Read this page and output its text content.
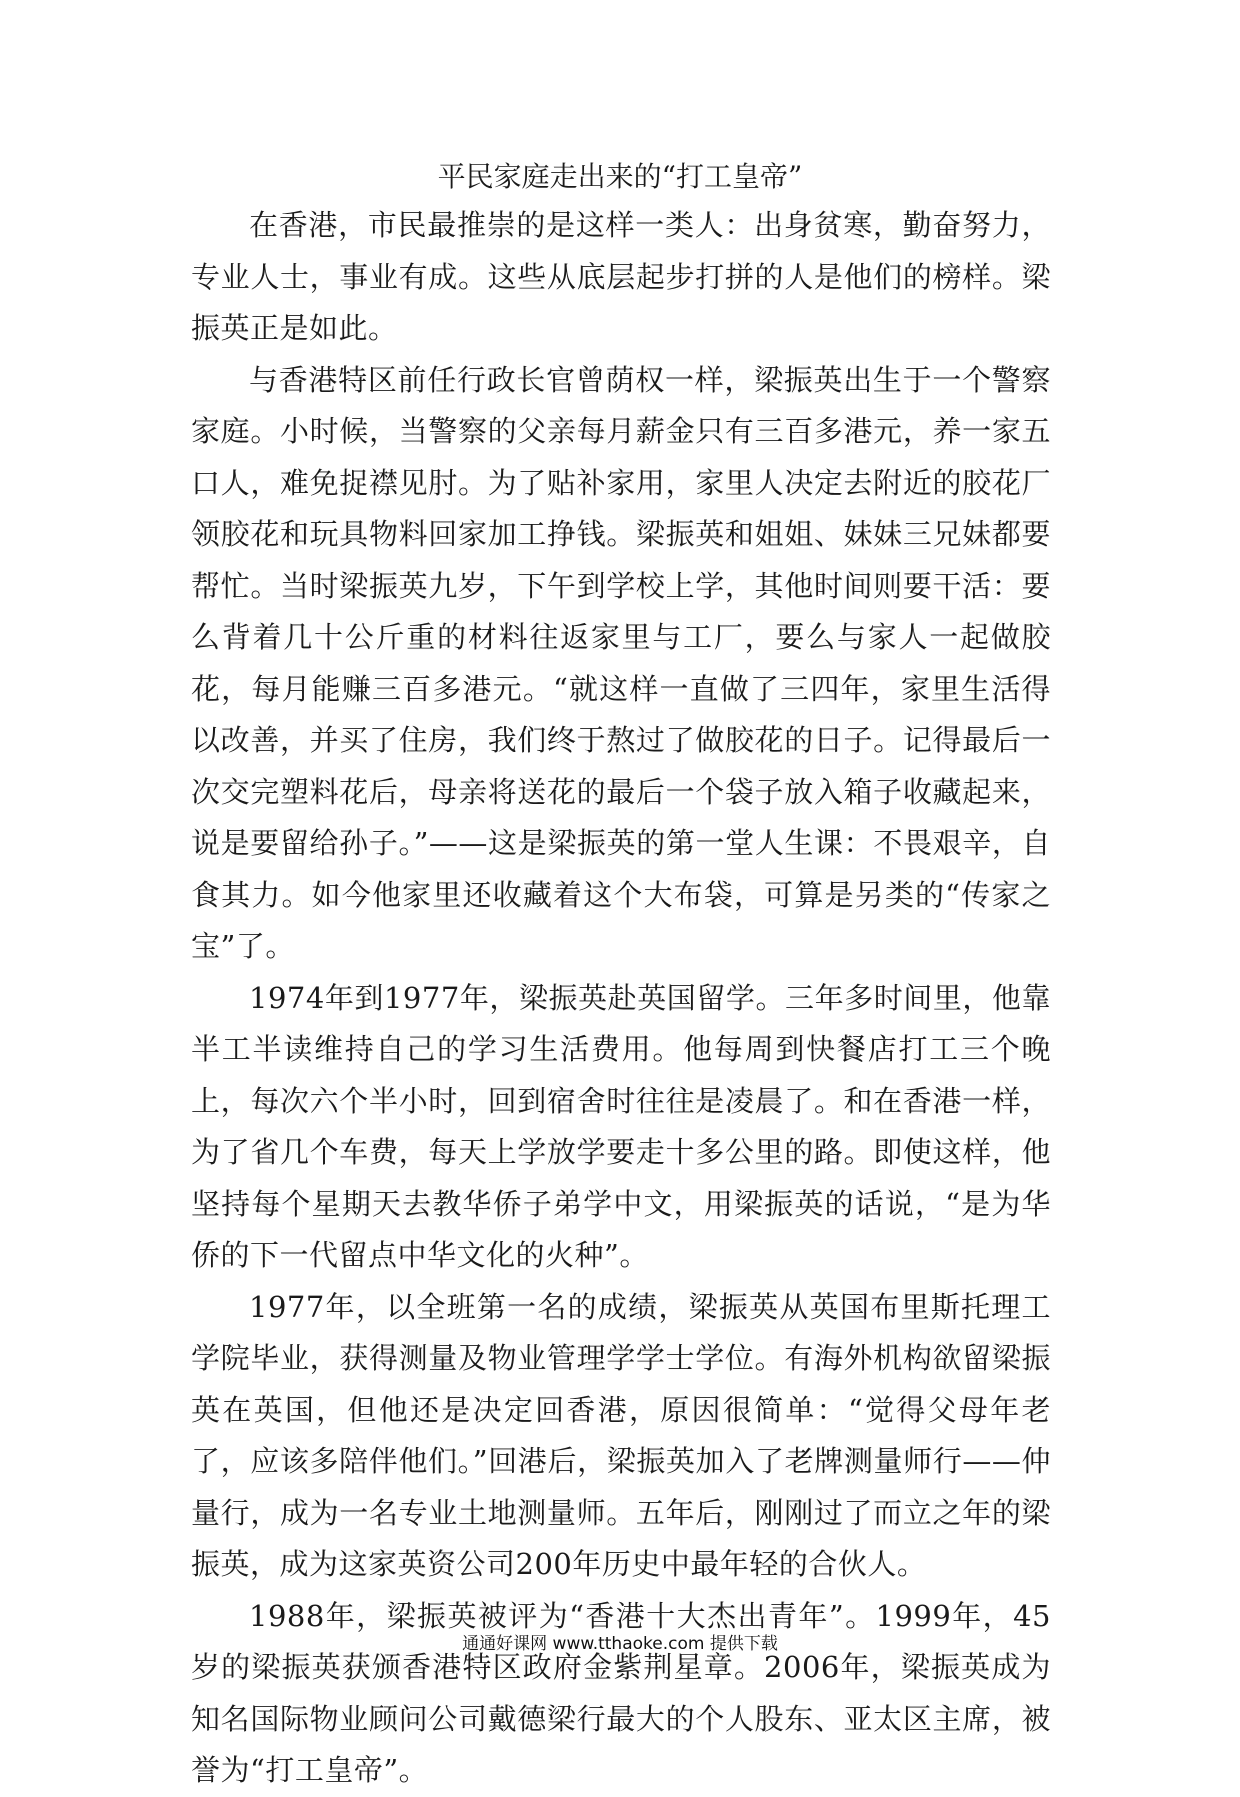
平民家庭走出来的“打工皇帝”

在香港，市民最推崇的是这样一类人：出身贫寒，勤奋努力，专业人士，事业有成。这些从底层起步打拼的人是他们的榜样。梁振英正是如此。

与香港特区前任行政长官曾荫权一样，梁振英出生于一个警察家庭。小时候，当警察的父亲每月薪金只有三百多港元，养一家五口人，难免捉襟见肘。为了贴补家用，家里人决定去附近的胶花厂领胶花和玩具物料回家加工挣钱。梁振英和姐姐、妹妹三兄妹都要帮忙。当时梁振英九岁，下午到学校上学，其他时间则要干活：要么背着几十公斤重的材料往返家里与工厂，要么与家人一起做胶花，每月能赚三百多港元。“就这样一直做了三四年，家里生活得以改善，并买了住房，我们终于熬过了做胶花的日子。记得最后一次交完塑料花后，母亲将送花的最后一个袋子放入箱子收藏起来，说是要留给孙子。”——这是梁振英的第一堂人生课：不畏艰辛，自食其力。如今他家里还收藏着这个大布袋，可算是另类的“传家之宝”了。

1974年到1977年，梁振英赴英国留学。三年多时间里，他靠半工半读维持自己的学习生活费用。他每周到快餐店打工三个晚上，每次六个半小时，回到宿舍时往往是凌晨了。和在香港一样，为了省几个车费，每天上学放学要走十多公里的路。即使这样，他坚持每个星期天去教华侨子弟学中文，用梁振英的话说，“是为华侨的下一代留点中华文化的火种”。

1977年，以全班第一名的成绩，梁振英从英国布里斯托理工学院毕业，获得测量及物业管理学学士学位。有海外机构欲留梁振英在英国，但他还是决定回香港，原因很简单：“觉得父母年老了，应该多陪伴他们。”回港后，梁振英加入了老牌测量师行——仲量行，成为一名专业土地测量师。五年后，刚刚过了而立之年的梁振英，成为这家英资公司200年历史中最年轻的合伙人。

1988年，梁振英被评为“香港十大杰出青年”。1999年，45岁的梁振英获颁香港特区政府金紫荆星章。2006年，梁振英成为知名国际物业顾问公司戴德梁行最大的个人股东、亚太区主席，被誉为“打工皇帝”。

通通好课网 www.tthaoke.com 提供下载
